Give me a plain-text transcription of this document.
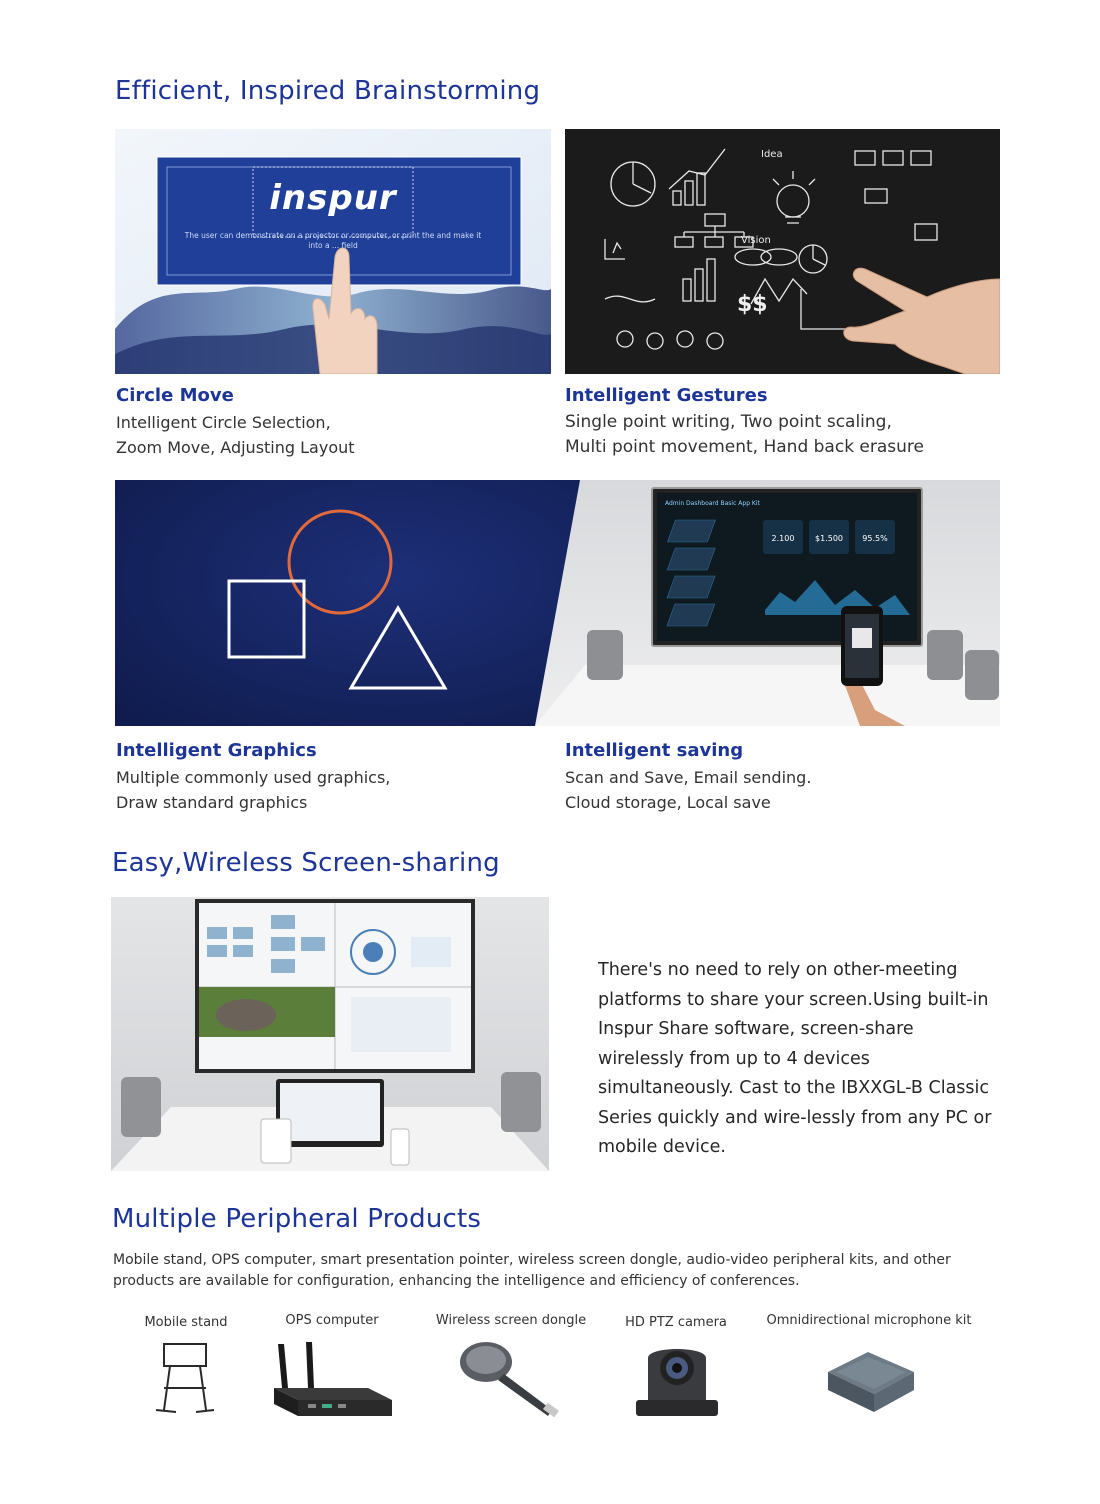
Efficient, Inspired Brainstorming
inspur
The user can demonstrate on a projector or computer, or print the and make it
into a ... field
$$
Idea
Vision
Circle Move
Intelligent Circle Selection,
Zoom Move, Adjusting Layout
Intelligent Gestures
Single point writing, Two point scaling,
Multi point movement, Hand back erasure
Admin Dashboard Basic App Kit
2.100	$1.500 95.5%
Intelligent Graphics
Multiple commonly used graphics,
Draw standard graphics
Intelligent saving
Scan and Save, Email sending.
Cloud storage, Local save
Easy,Wireless Screen-sharing
There's no need to rely on other-meeting platforms to share your screen.Using built-in Inspur Share software, screen-share wirelessly from up to 4 devices simultaneously. Cast to the IBXXGL-B Classic Series quickly and wire-lessly from any PC or mobile device.
Multiple Peripheral Products
Mobile stand, OPS computer, smart presentation pointer, wireless screen dongle, audio-video peripheral kits, and other products are available for configuration, enhancing the intelligence and efficiency of conferences.
Mobile stand	OPS computer	Wireless screen dongle	HD PTZ camera	Omnidirectional microphone kit
